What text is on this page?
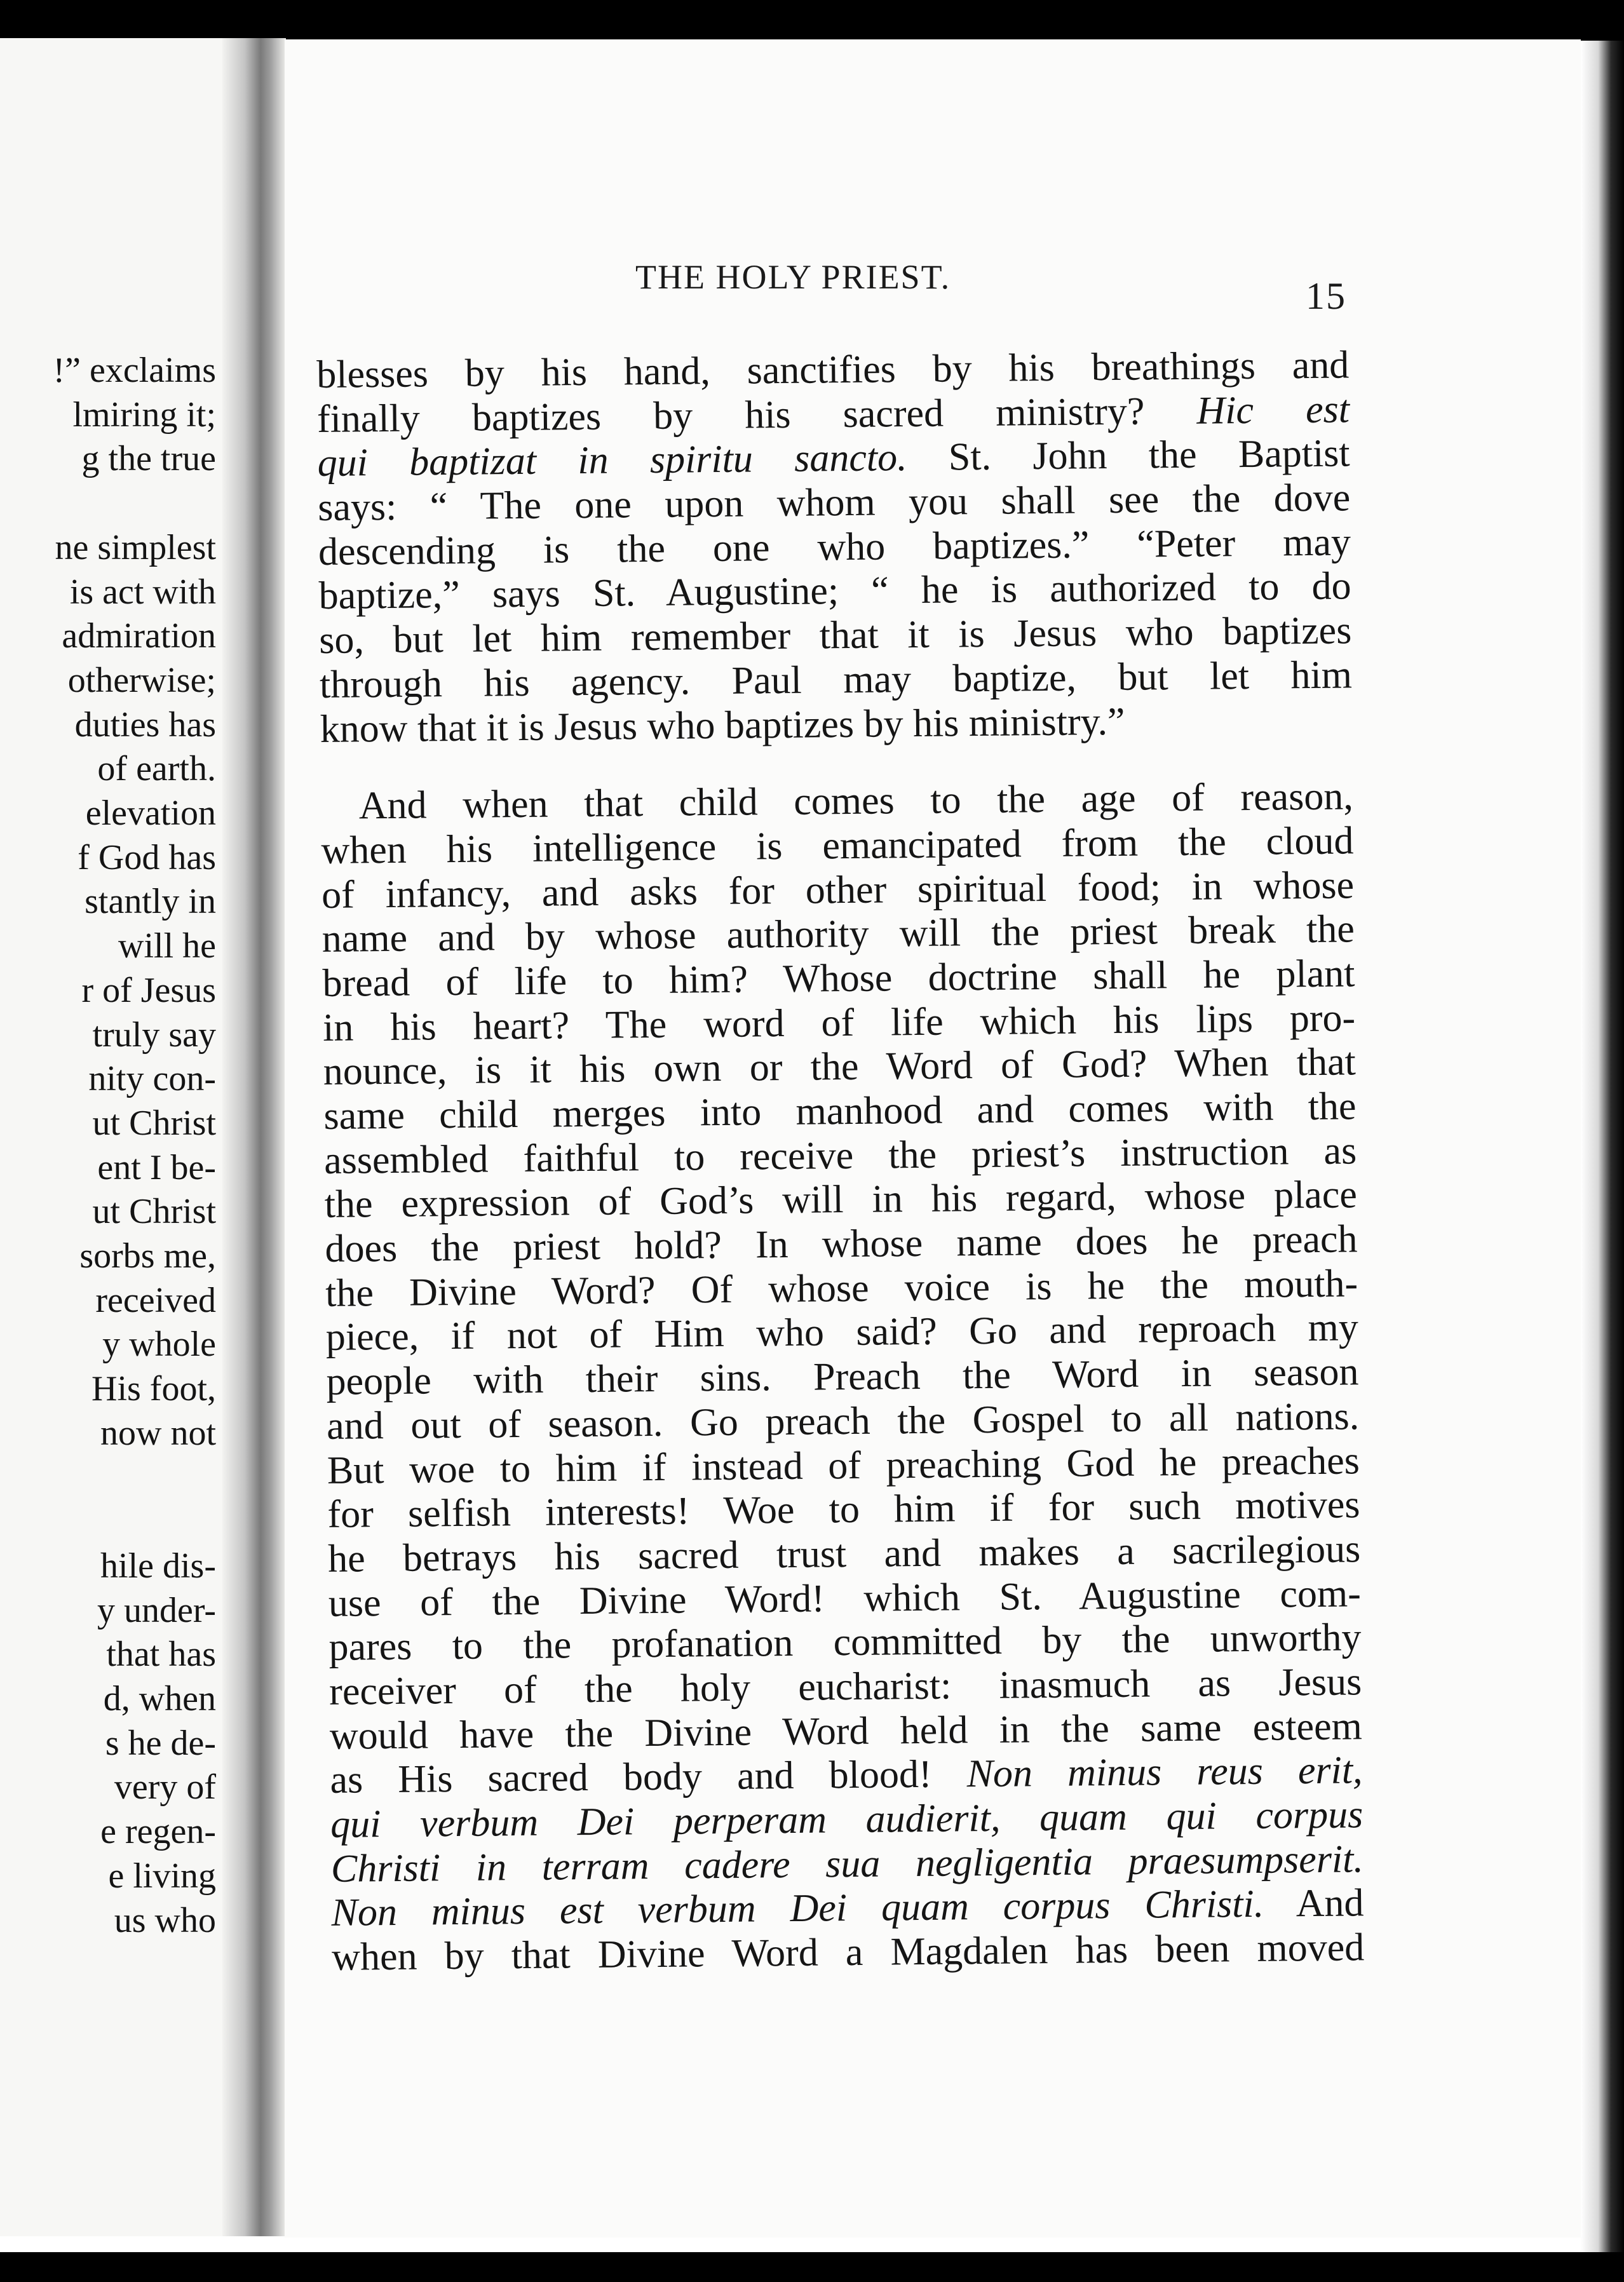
!” exclaims
lmiring it;
g the true
ne simplest
is act with
admiration
otherwise;
duties has
of earth.
elevation
f God has
stantly in
will he
r of Jesus
truly say
nity con-
ut Christ
ent I be-
ut Christ
sorbs me,
received
y whole
His foot,
now not
hile dis-
y under-
that has
d, when
s he de-
very of
e regen-
e living
us who
THE HOLY PRIEST.	15
blesses by his hand, sanctifies by his breathings and
finally baptizes by his sacred ministry? Hic est
qui baptizat in spiritu sancto. St. John the Baptist
says: “ The one upon whom you shall see the dove
descending is the one who baptizes.” “Peter may
baptize,” says St. Augustine; “ he is authorized to do
so, but let him remember that it is Jesus who baptizes
through his agency. Paul may baptize, but let him
know that it is Jesus who baptizes by his ministry.”
And when that child comes to the age of reason,
when his intelligence is emancipated from the cloud
of infancy, and asks for other spiritual food; in whose
name and by whose authority will the priest break the
bread of life to him? Whose doctrine shall he plant
in his heart? The word of life which his lips pro-
nounce, is it his own or the Word of God? When that
same child merges into manhood and comes with the
assembled faithful to receive the priest’s instruction as
the expression of God’s will in his regard, whose place
does the priest hold? In whose name does he preach
the Divine Word? Of whose voice is he the mouth-
piece, if not of Him who said? Go and reproach my
people with their sins. Preach the Word in season
and out of season. Go preach the Gospel to all nations.
But woe to him if instead of preaching God he preaches
for selfish interests! Woe to him if for such motives
he betrays his sacred trust and makes a sacrilegious
use of the Divine Word! which St. Augustine com-
pares to the profanation committed by the unworthy
receiver of the holy eucharist: inasmuch as Jesus
would have the Divine Word held in the same esteem
as His sacred body and blood! Non minus reus erit,
qui verbum Dei perperam audierit, quam qui corpus
Christi in terram cadere sua negligentia praesumpserit.
Non minus est verbum Dei quam corpus Christi. And
when by that Divine Word a Magdalen has been moved
